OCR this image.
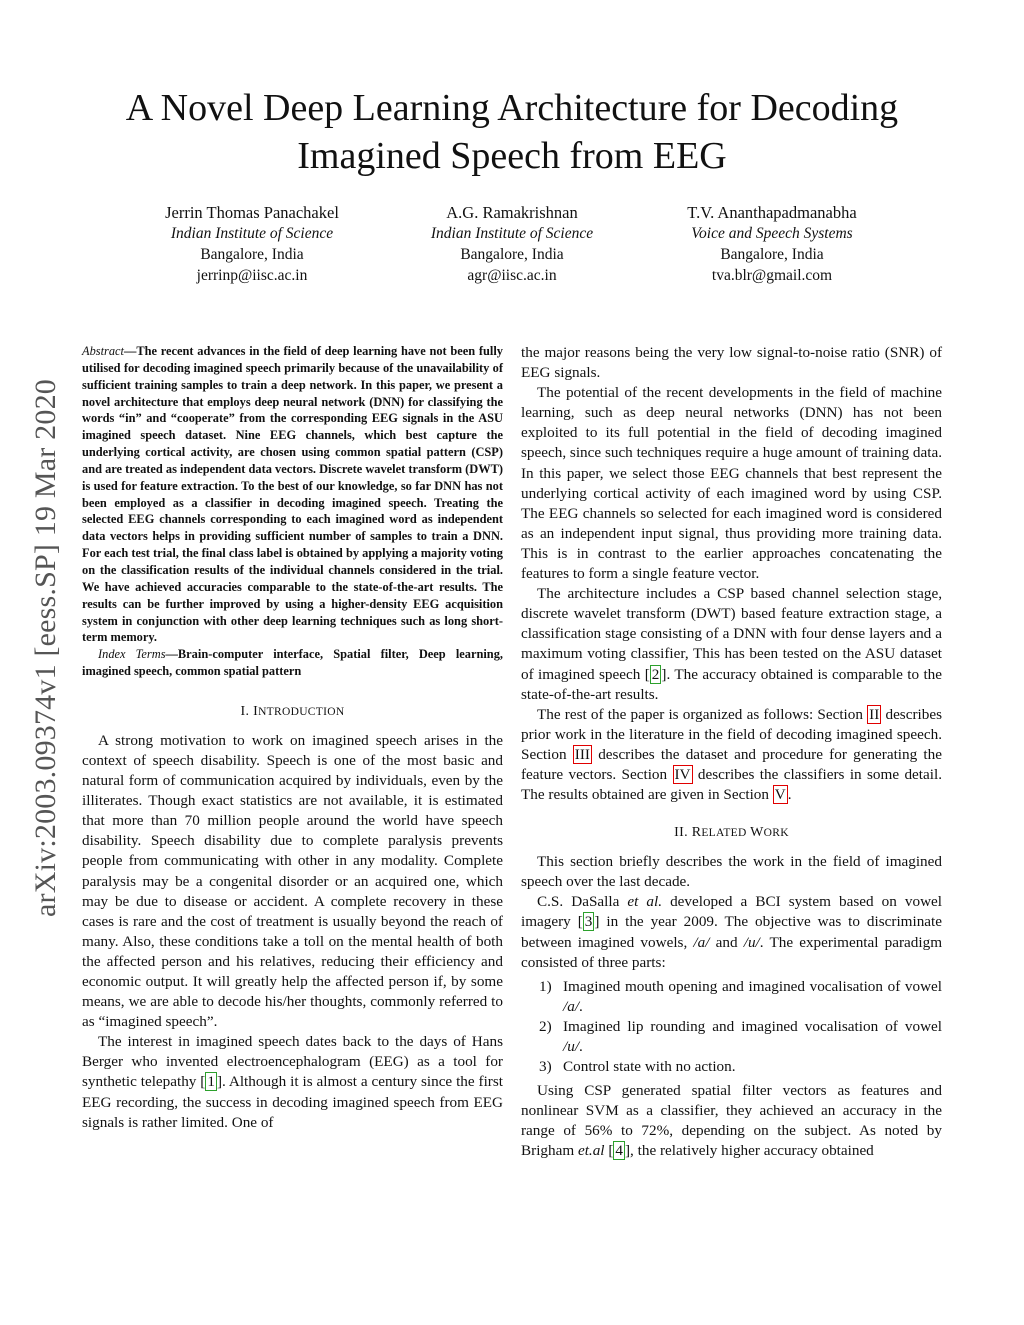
A Novel Deep Learning Architecture for Decoding
Imagined Speech from EEG
Jerrin Thomas Panachakel
Indian Institute of Science
Bangalore, India
jerrinp@iisc.ac.in
A.G. Ramakrishnan
Indian Institute of Science
Bangalore, India
agr@iisc.ac.in
T.V. Ananthapadmanabha
Voice and Speech Systems
Bangalore, India
tva.blr@gmail.com
arXiv:2003.09374v1 [eess.SP] 19 Mar 2020

Abstract—The recent advances in the field of deep learning have not been fully utilised for decoding imagined speech primarily because of the unavailability of sufficient training samples to train a deep network. In this paper, we present a novel architecture that employs deep neural network (DNN) for classifying the words “in” and “cooperate” from the corresponding EEG signals in the ASU imagined speech dataset. Nine EEG channels, which best capture the underlying cortical activity, are chosen using common spatial pattern (CSP) and are treated as independent data vectors. Discrete wavelet transform (DWT) is used for feature extraction. To the best of our knowledge, so far DNN has not been employed as a classifier in decoding imagined speech. Treating the selected EEG channels corresponding to each imagined word as independent data vectors helps in providing sufficient number of samples to train a DNN. For each test trial, the final class label is obtained by applying a majority voting on the classification results of the individual channels considered in the trial. We have achieved accuracies comparable to the state-of-the-art results. The results can be further improved by using a higher-density EEG acquisition system in conjunction with other deep learning techniques such as long short-term memory.

Index Terms—Brain-computer interface, Spatial filter, Deep learning, imagined speech, common spatial pattern

I. INTRODUCTION

A strong motivation to work on imagined speech arises in the context of speech disability. Speech is one of the most basic and natural form of communication acquired by individuals, even by the illiterates. Though exact statistics are not available, it is estimated that more than 70 million people around the world have speech disability. Speech disability due to complete paralysis prevents people from communicating with other in any modality. Complete paralysis may be a congenital disorder or an acquired one, which may be due to disease or accident. A complete recovery in these cases is rare and the cost of treatment is usually beyond the reach of many. Also, these conditions take a toll on the mental health of both the affected person and his relatives, reducing their efficiency and economic output. It will greatly help the affected person if, by some means, we are able to decode his/her thoughts, commonly referred to as “imagined speech”.

The interest in imagined speech dates back to the days of Hans Berger who invented electroencephalogram (EEG) as a tool for synthetic telepathy [ 1 ]. Although it is almost a century since the first EEG recording, the success in decoding imagined speech from EEG signals is rather limited. One of

the major reasons being the very low signal-to-noise ratio (SNR) of EEG signals.

The potential of the recent developments in the field of machine learning, such as deep neural networks (DNN) has not been exploited to its full potential in the field of decoding imagined speech, since such techniques require a huge amount of training data. In this paper, we select those EEG channels that best represent the underlying cortical activity of each imagined word by using CSP. The EEG channels so selected for each imagined word is considered as an independent input signal, thus providing more training data. This is in contrast to the earlier approaches concatenating the features to form a single feature vector.

The architecture includes a CSP based channel selection stage, discrete wavelet transform (DWT) based feature extraction stage, a classification stage consisting of a DNN with four dense layers and a maximum voting classifier, This has been tested on the ASU dataset of imagined speech [ 2 ]. The accuracy obtained is comparable to the state-of-the-art results.

The rest of the paper is organized as follows: Section II describes prior work in the literature in the field of decoding imagined speech. Section III describes the dataset and procedure for generating the feature vectors. Section IV describes the classifiers in some detail. The results obtained are given in Section V .

II. RELATED WORK

This section briefly describes the work in the field of imagined speech over the last decade.

C.S. DaSalla et al. developed a BCI system based on vowel imagery [ 3 ] in the year 2009. The objective was to discriminate between imagined vowels, /a/ and /u/. The experimental paradigm consisted of three parts:

1) Imagined mouth opening and imagined vocalisation of vowel /a/.
2) Imagined lip rounding and imagined vocalisation of vowel /u/.
3) Control state with no action.

Using CSP generated spatial filter vectors as features and nonlinear SVM as a classifier, they achieved an accuracy in the range of 56% to 72%, depending on the subject. As noted by Brigham et.al [ 4 ], the relatively higher accuracy obtained
